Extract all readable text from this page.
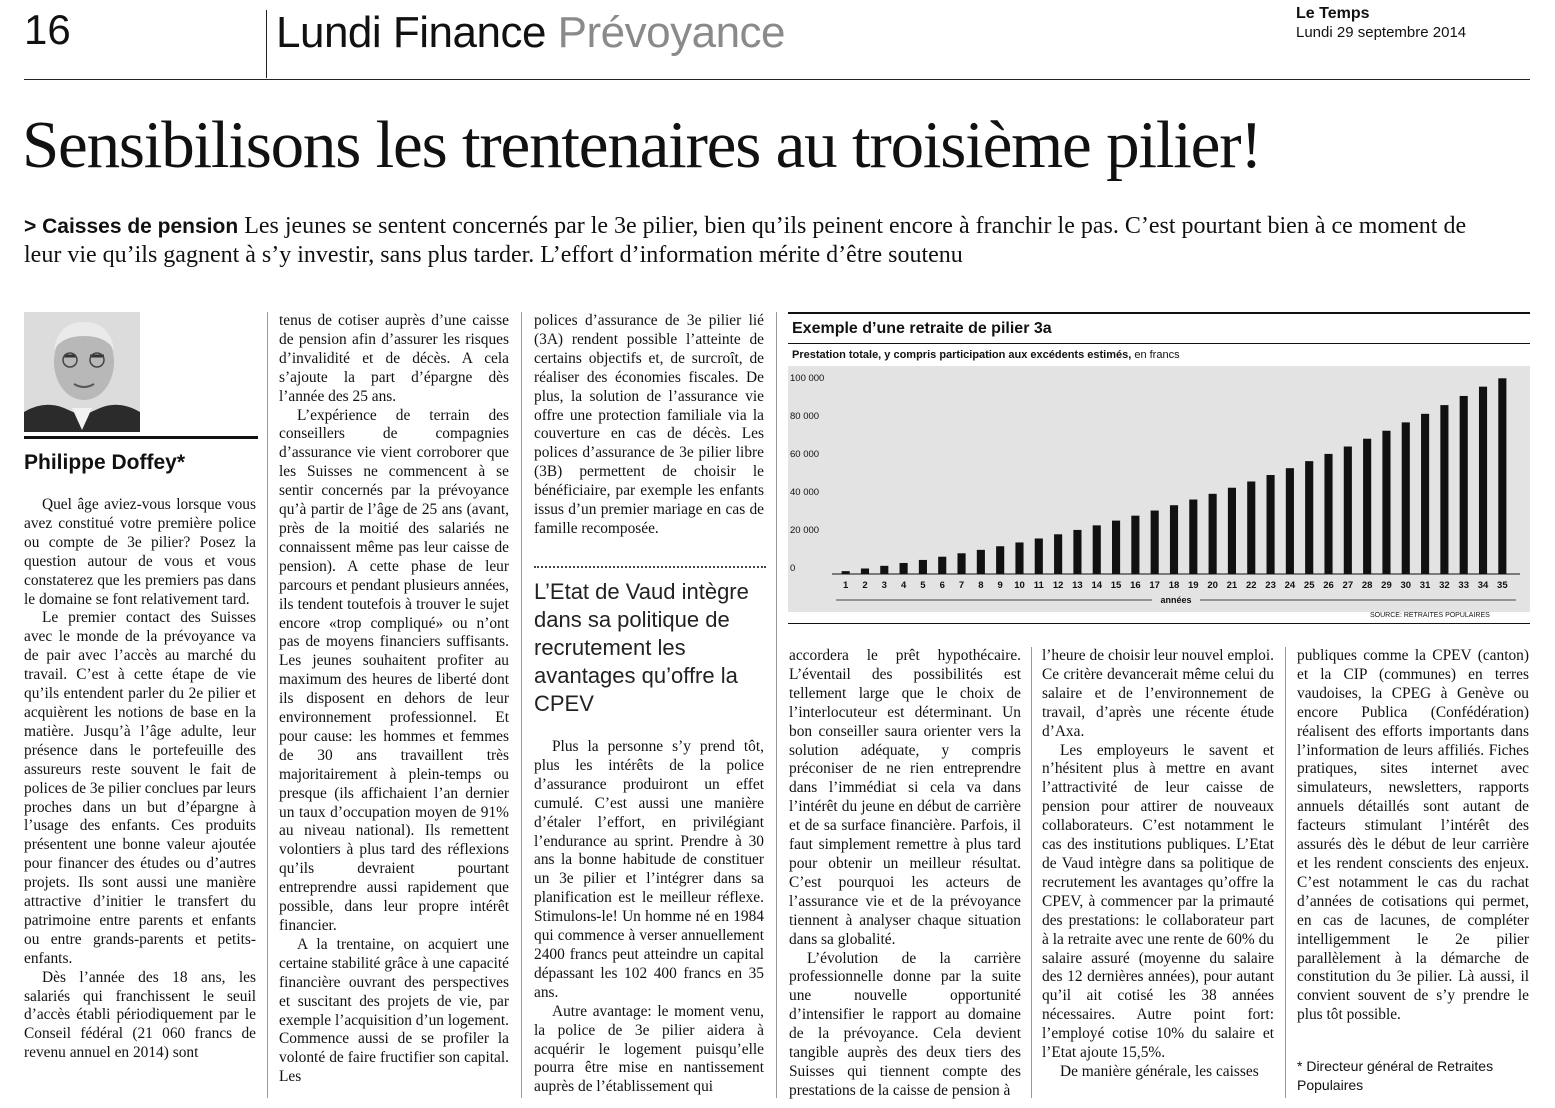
16	Lundi Finance Prévoyance	Le Temps
Lundi 29 septembre 2014
Sensibilisons les trentenaires au troisième pilier!
> Caisses de pension Les jeunes se sentent concernés par le 3e pilier, bien qu’ils peinent encore à franchir le pas. C’est pourtant bien à ce moment de leur vie qu’ils gagnent à s’y investir, sans plus tarder. L’effort d’information mérite d’être soutenu
Philippe Doffey*

Quel âge aviez-vous lorsque vous avez constitué votre première police ou compte de 3e pilier? Posez la question autour de vous et vous constaterez que les premiers pas dans le domaine se font relativement tard.

Le premier contact des Suisses avec le monde de la prévoyance va de pair avec l’accès au marché du travail. C’est à cette étape de vie qu’ils entendent parler du 2e pilier et acquièrent les notions de base en la matière. Jusqu’à l’âge adulte, leur présence dans le portefeuille des assureurs reste souvent le fait de polices de 3e pilier conclues par leurs proches dans un but d’épargne à l’usage des enfants. Ces produits présentent une bonne valeur ajoutée pour financer des études ou d’autres projets. Ils sont aussi une manière attractive d’initier le transfert du patrimoine entre parents et enfants ou entre grands-parents et petits-enfants.

Dès l’année des 18 ans, les salariés qui franchissent le seuil d’accès établi périodiquement par le Conseil fédéral (21 060 francs de revenu annuel en 2014) sont

tenus de cotiser auprès d’une caisse de pension afin d’assurer les risques d’invalidité et de décès. A cela s’ajoute la part d’épargne dès l’année des 25 ans.

L’expérience de terrain des conseillers de compagnies d’assurance vie vient corroborer que les Suisses ne commencent à se sentir concernés par la prévoyance qu’à partir de l’âge de 25 ans (avant, près de la moitié des salariés ne connaissent même pas leur caisse de pension). A cette phase de leur parcours et pendant plusieurs années, ils tendent toutefois à trouver le sujet encore «trop compliqué» ou n’ont pas de moyens financiers suffisants. Les jeunes souhaitent profiter au maximum des heures de liberté dont ils disposent en dehors de leur environnement professionnel. Et pour cause: les hommes et femmes de 30 ans travaillent très majoritairement à plein-temps ou presque (ils affichaient l’an dernier un taux d’occupation moyen de 91% au niveau national). Ils remettent volontiers à plus tard des réflexions qu’ils devraient pourtant entreprendre aussi rapidement que possible, dans leur propre intérêt financier.

A la trentaine, on acquiert une certaine stabilité grâce à une capacité financière ouvrant des perspectives et suscitant des projets de vie, par exemple l’acquisition d’un logement. Commence aussi de se profiler la volonté de faire fructifier son capital. Les

polices d’assurance de 3e pilier lié (3A) rendent possible l’atteinte de certains objectifs et, de surcroît, de réaliser des économies fiscales. De plus, la solution de l’assurance vie offre une protection familiale via la couverture en cas de décès. Les polices d’assurance de 3e pilier libre (3B) permettent de choisir le bénéficiaire, par exemple les enfants issus d’un premier mariage en cas de famille recomposée.

L’Etat de Vaud intègre dans sa politique de recrutement les avantages qu’offre la CPEV

Plus la personne s’y prend tôt, plus les intérêts de la police d’assurance produiront un effet cumulé. C’est aussi une manière d’étaler l’effort, en privilégiant l’endurance au sprint. Prendre à 30 ans la bonne habitude de constituer un 3e pilier et l’intégrer dans sa planification est le meilleur réflexe. Stimulons-le! Un homme né en 1984 qui commence à verser annuellement 2400 francs peut atteindre un capital dépassant les 102 400 francs en 35 ans.

Autre avantage: le moment venu, la police de 3e pilier aidera à acquérir le logement puisqu’elle pourra être mise en nantissement auprès de l’établissement qui

accordera le prêt hypothécaire. L’éventail des possibilités est tellement large que le choix de l’interlocuteur est déterminant. Un bon conseiller saura orienter vers la solution adéquate, y compris préconiser de ne rien entreprendre dans l’immédiat si cela va dans l’intérêt du jeune en début de carrière et de sa surface financière. Parfois, il faut simplement remettre à plus tard pour obtenir un meilleur résultat. C’est pourquoi les acteurs de l’assurance vie et de la prévoyance tiennent à analyser chaque situation dans sa globalité.

L’évolution de la carrière professionnelle donne par la suite une nouvelle opportunité d’intensifier le rapport au domaine de la prévoyance. Cela devient tangible auprès des deux tiers des Suisses qui tiennent compte des prestations de la caisse de pension à

l’heure de choisir leur nouvel emploi. Ce critère devancerait même celui du salaire et de l’environnement de travail, d’après une récente étude d’Axa.

Les employeurs le savent et n’hésitent plus à mettre en avant l’attractivité de leur caisse de pension pour attirer de nouveaux collaborateurs. C’est notamment le cas des institutions publiques. L’Etat de Vaud intègre dans sa politique de recrutement les avantages qu’offre la CPEV, à commencer par la primauté des prestations: le collaborateur part à la retraite avec une rente de 60% du salaire assuré (moyenne du salaire des 12 dernières années), pour autant qu’il ait cotisé les 38 années nécessaires. Autre point fort: l’employé cotise 10% du salaire et l’Etat ajoute 15,5%.

De manière générale, les caisses

publiques comme la CPEV (canton) et la CIP (communes) en terres vaudoises, la CPEG à Genève ou encore Publica (Confédération) réalisent des efforts importants dans l’information de leurs affiliés. Fiches pratiques, sites internet avec simulateurs, newsletters, rapports annuels détaillés sont autant de facteurs stimulant l’intérêt des assurés dès le début de leur carrière et les rendent conscients des enjeux. C’est notamment le cas du rachat d’années de cotisations qui permet, en cas de lacunes, de compléter intelligemment le 2e pilier parallèlement à la démarche de constitution du 3e pilier. Là aussi, il convient souvent de s’y prendre le plus tôt possible.

* Directeur général de Retraites Populaires
Exemple d’une retraite de pilier 3a
Prestation totale, y compris participation aux excédents estimés, en francs
0
20 000
40 000
60 000
80 000
100 000
1 2 3 4 5 6 7 8 9 10 11 12 13 14 15 16 17 18 19 20 21 22 23 24 25 26 27 28 29 30 31 32 33 34 35
années
SOURCE: RETRAITES POPULAIRES
